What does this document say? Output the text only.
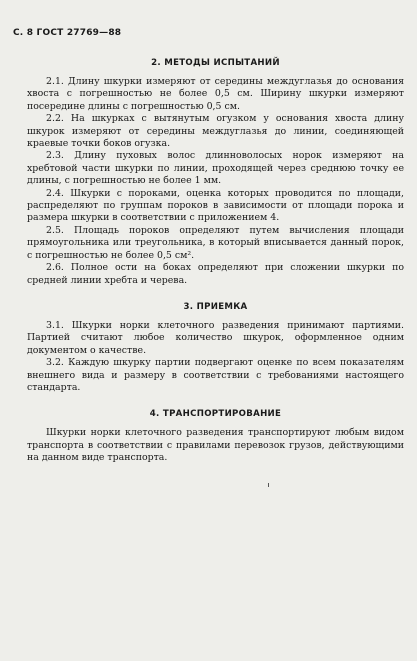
С. 8 ГОСТ 27769—88
2. МЕТОДЫ ИСПЫТАНИЙ

2.1. Длину шкурки измеряют от середины междуглазья до основания хвоста с погрешностью не более 0,5 см. Ширину шкурки измеряют посередине длины с погрешностью 0,5 см.

2.2. На шкурках с вытянутым огузком у основания хвоста длину шкурок измеряют от середины междуглазья до линии, соединяющей краевые точки боков огузка.

2.3. Длину пуховых волос длинноволосых норок измеряют на хребтовой части шкурки по линии, проходящей через среднюю точку ее длины, с погрешностью не более 1 мм.

2.4. Шкурки с пороками, оценка которых проводится по площади, распределяют по группам пороков в зависимости от площади порока и размера шкурки в соответствии с приложением 4.

2.5. Площадь пороков определяют путем вычисления площади прямоугольника или треугольника, в который вписывается данный порок, с погрешностью не более 0,5 см².

2.6. Полное ости на боках определяют при сложении шкурки по средней линии хребта и черева.

3. ПРИЕМКА

3.1. Шкурки норки клеточного разведения принимают партиями. Партией считают любое количество шкурок, оформленное одним документом о качестве.

3.2. Каждую шкурку партии подвергают оценке по всем показателям внешнего вида и размеру в соответствии с требованиями настоящего стандарта.

4. ТРАНСПОРТИРОВАНИЕ

Шкурки норки клеточного разведения транспортируют любым видом транспорта в соответствии с правилами перевозок грузов, действующими на данном виде транспорта.
